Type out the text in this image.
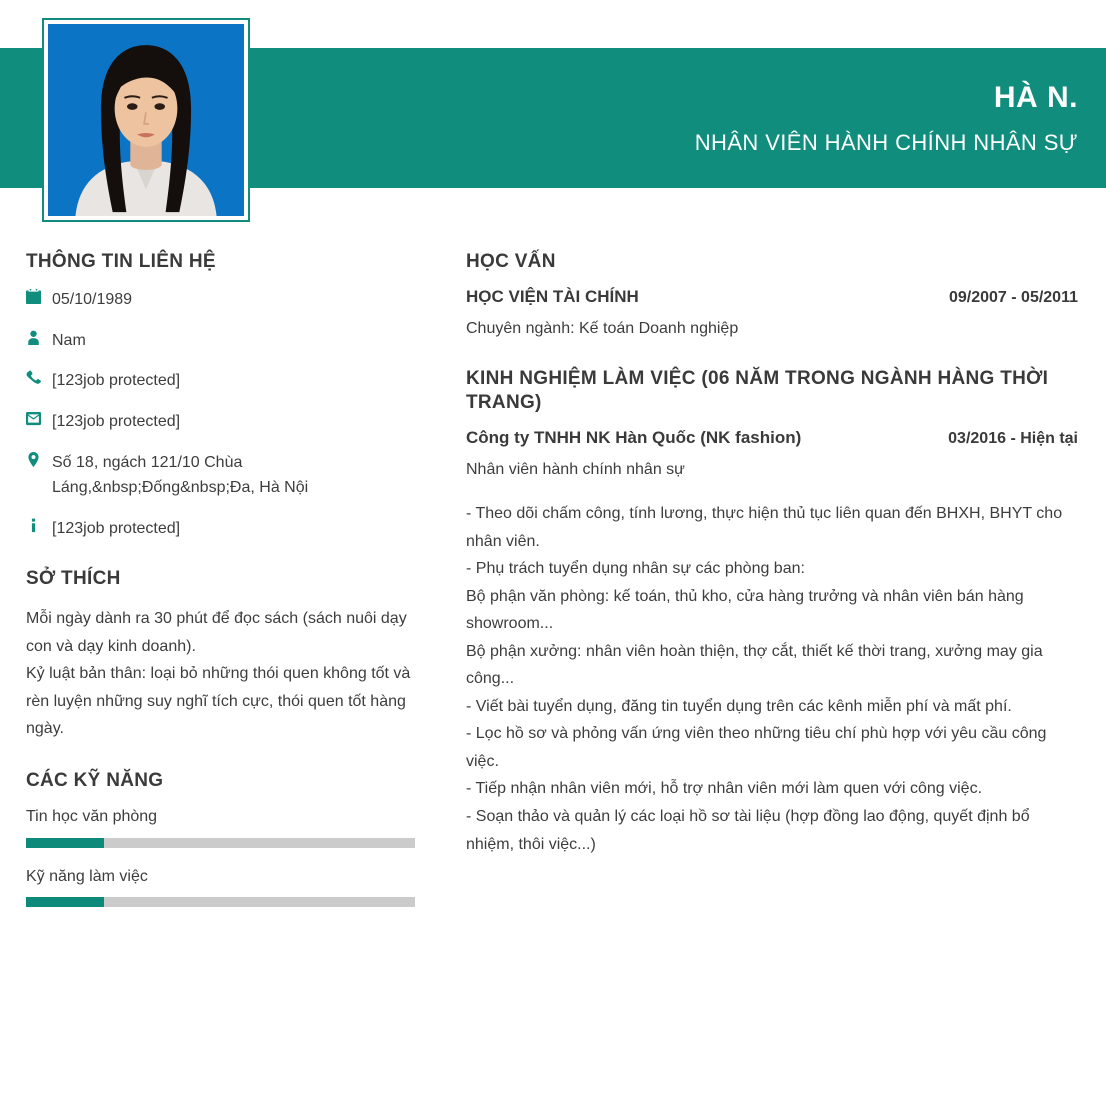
HÀ N.
NHÂN VIÊN HÀNH CHÍNH NHÂN SỰ
THÔNG TIN LIÊN HỆ
05/10/1989
Nam
[123job protected]
[123job protected]
Số 18, ngách 121/10 Chùa Láng,&nbsp;Đống&nbsp;Đa, Hà Nội
[123job protected]
SỞ THÍCH
Mỗi ngày dành ra 30 phút để đọc sách (sách nuôi dạy con và dạy kinh doanh).
Kỷ luật bản thân: loại bỏ những thói quen không tốt và rèn luyện những suy nghĩ tích cực, thói quen tốt hàng ngày.
CÁC KỸ NĂNG
Tin học văn phòng
Kỹ năng làm việc
HỌC VẤN
HỌC VIỆN TÀI CHÍNH	09/2007 - 05/2011
Chuyên ngành: Kế toán Doanh nghiệp
KINH NGHIỆM LÀM VIỆC (06 NĂM TRONG NGÀNH HÀNG THỜI TRANG)
Công ty TNHH NK Hàn Quốc (NK fashion)	03/2016 - Hiện tại
Nhân viên hành chính nhân sự
- Theo dõi chấm công, tính lương, thực hiện thủ tục liên quan đến BHXH, BHYT cho nhân viên.
- Phụ trách tuyển dụng nhân sự các phòng ban:
Bộ phận văn phòng: kế toán, thủ kho, cửa hàng trưởng và nhân viên bán hàng showroom...
Bộ phận xưởng: nhân viên hoàn thiện, thợ cắt, thiết kế thời trang, xưởng may gia công...
- Viết bài tuyển dụng, đăng tin tuyển dụng trên các kênh miễn phí và mất phí.
- Lọc hồ sơ và phỏng vấn ứng viên theo những tiêu chí phù hợp với yêu cầu công việc.
- Tiếp nhận nhân viên mới, hỗ trợ nhân viên mới làm quen với công việc.
- Soạn thảo và quản lý các loại hồ sơ tài liệu (hợp đồng lao động, quyết định bổ nhiệm, thôi việc...)
